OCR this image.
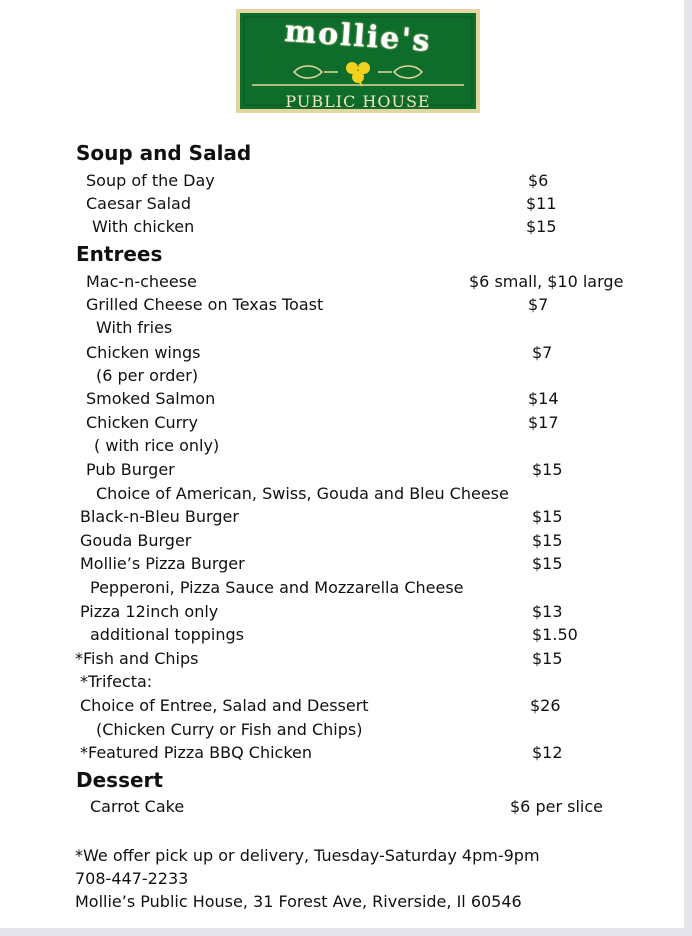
mollie's
PUBLIC HOUSE
Soup and Salad
Soup of the Day	$6
Caesar Salad	$11
With chicken	$15
Entrees
Mac-n-cheese	$6 small, $10 large
Grilled Cheese on Texas Toast	$7
With fries
Chicken wings	$7
(6 per order)
Smoked Salmon	$14
Chicken Curry	$17
( with rice only)
Pub Burger	$15
Choice of American, Swiss, Gouda and Bleu Cheese
Black-n-Bleu Burger	$15
Gouda Burger	$15
Mollie’s Pizza Burger	$15
Pepperoni, Pizza Sauce and Mozzarella Cheese
Pizza 12inch only	$13
additional toppings	$1.50
*Fish and Chips	$15
*Trifecta:
Choice of Entree, Salad and Dessert	$26
(Chicken Curry or Fish and Chips)
*Featured Pizza BBQ Chicken	$12
Dessert
Carrot Cake	$6 per slice
*We offer pick up or delivery, Tuesday-Saturday 4pm-9pm
708-447-2233
Mollie’s Public House, 31 Forest Ave, Riverside, Il 60546
